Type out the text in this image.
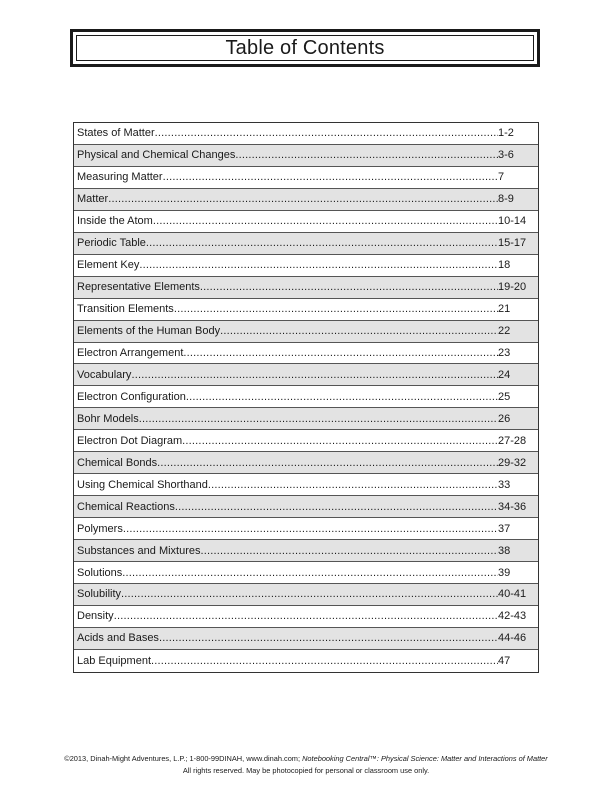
Table of Contents
States of Matter .....	1-2
Physical and Chemical Changes .....	3-6
Measuring Matter .....	7
Matter .....	8-9
Inside the Atom .....	10-14
Periodic Table .....	15-17
Element Key .....	18
Representative Elements .....	19-20
Transition Elements .....	21
Elements of the Human Body .....	22
Electron Arrangement .....	23
Vocabulary .....	24
Electron Configuration .....	25
Bohr Models .....	26
Electron Dot Diagram .....	27-28
Chemical Bonds .....	29-32
Using Chemical Shorthand .....	33
Chemical Reactions .....	34-36
Polymers .....	37
Substances and Mixtures .....	38
Solutions .....	39
Solubility .....	40-41
Density .....	42-43
Acids and Bases .....	44-46
Lab Equipment .....	47
©2013, Dinah-Might Adventures, L.P.; 1-800-99DINAH, www.dinah.com; Notebooking Central™: Physical Science: Matter and Interactions of Matter
All rights reserved. May be photocopied for personal or classroom use only.
